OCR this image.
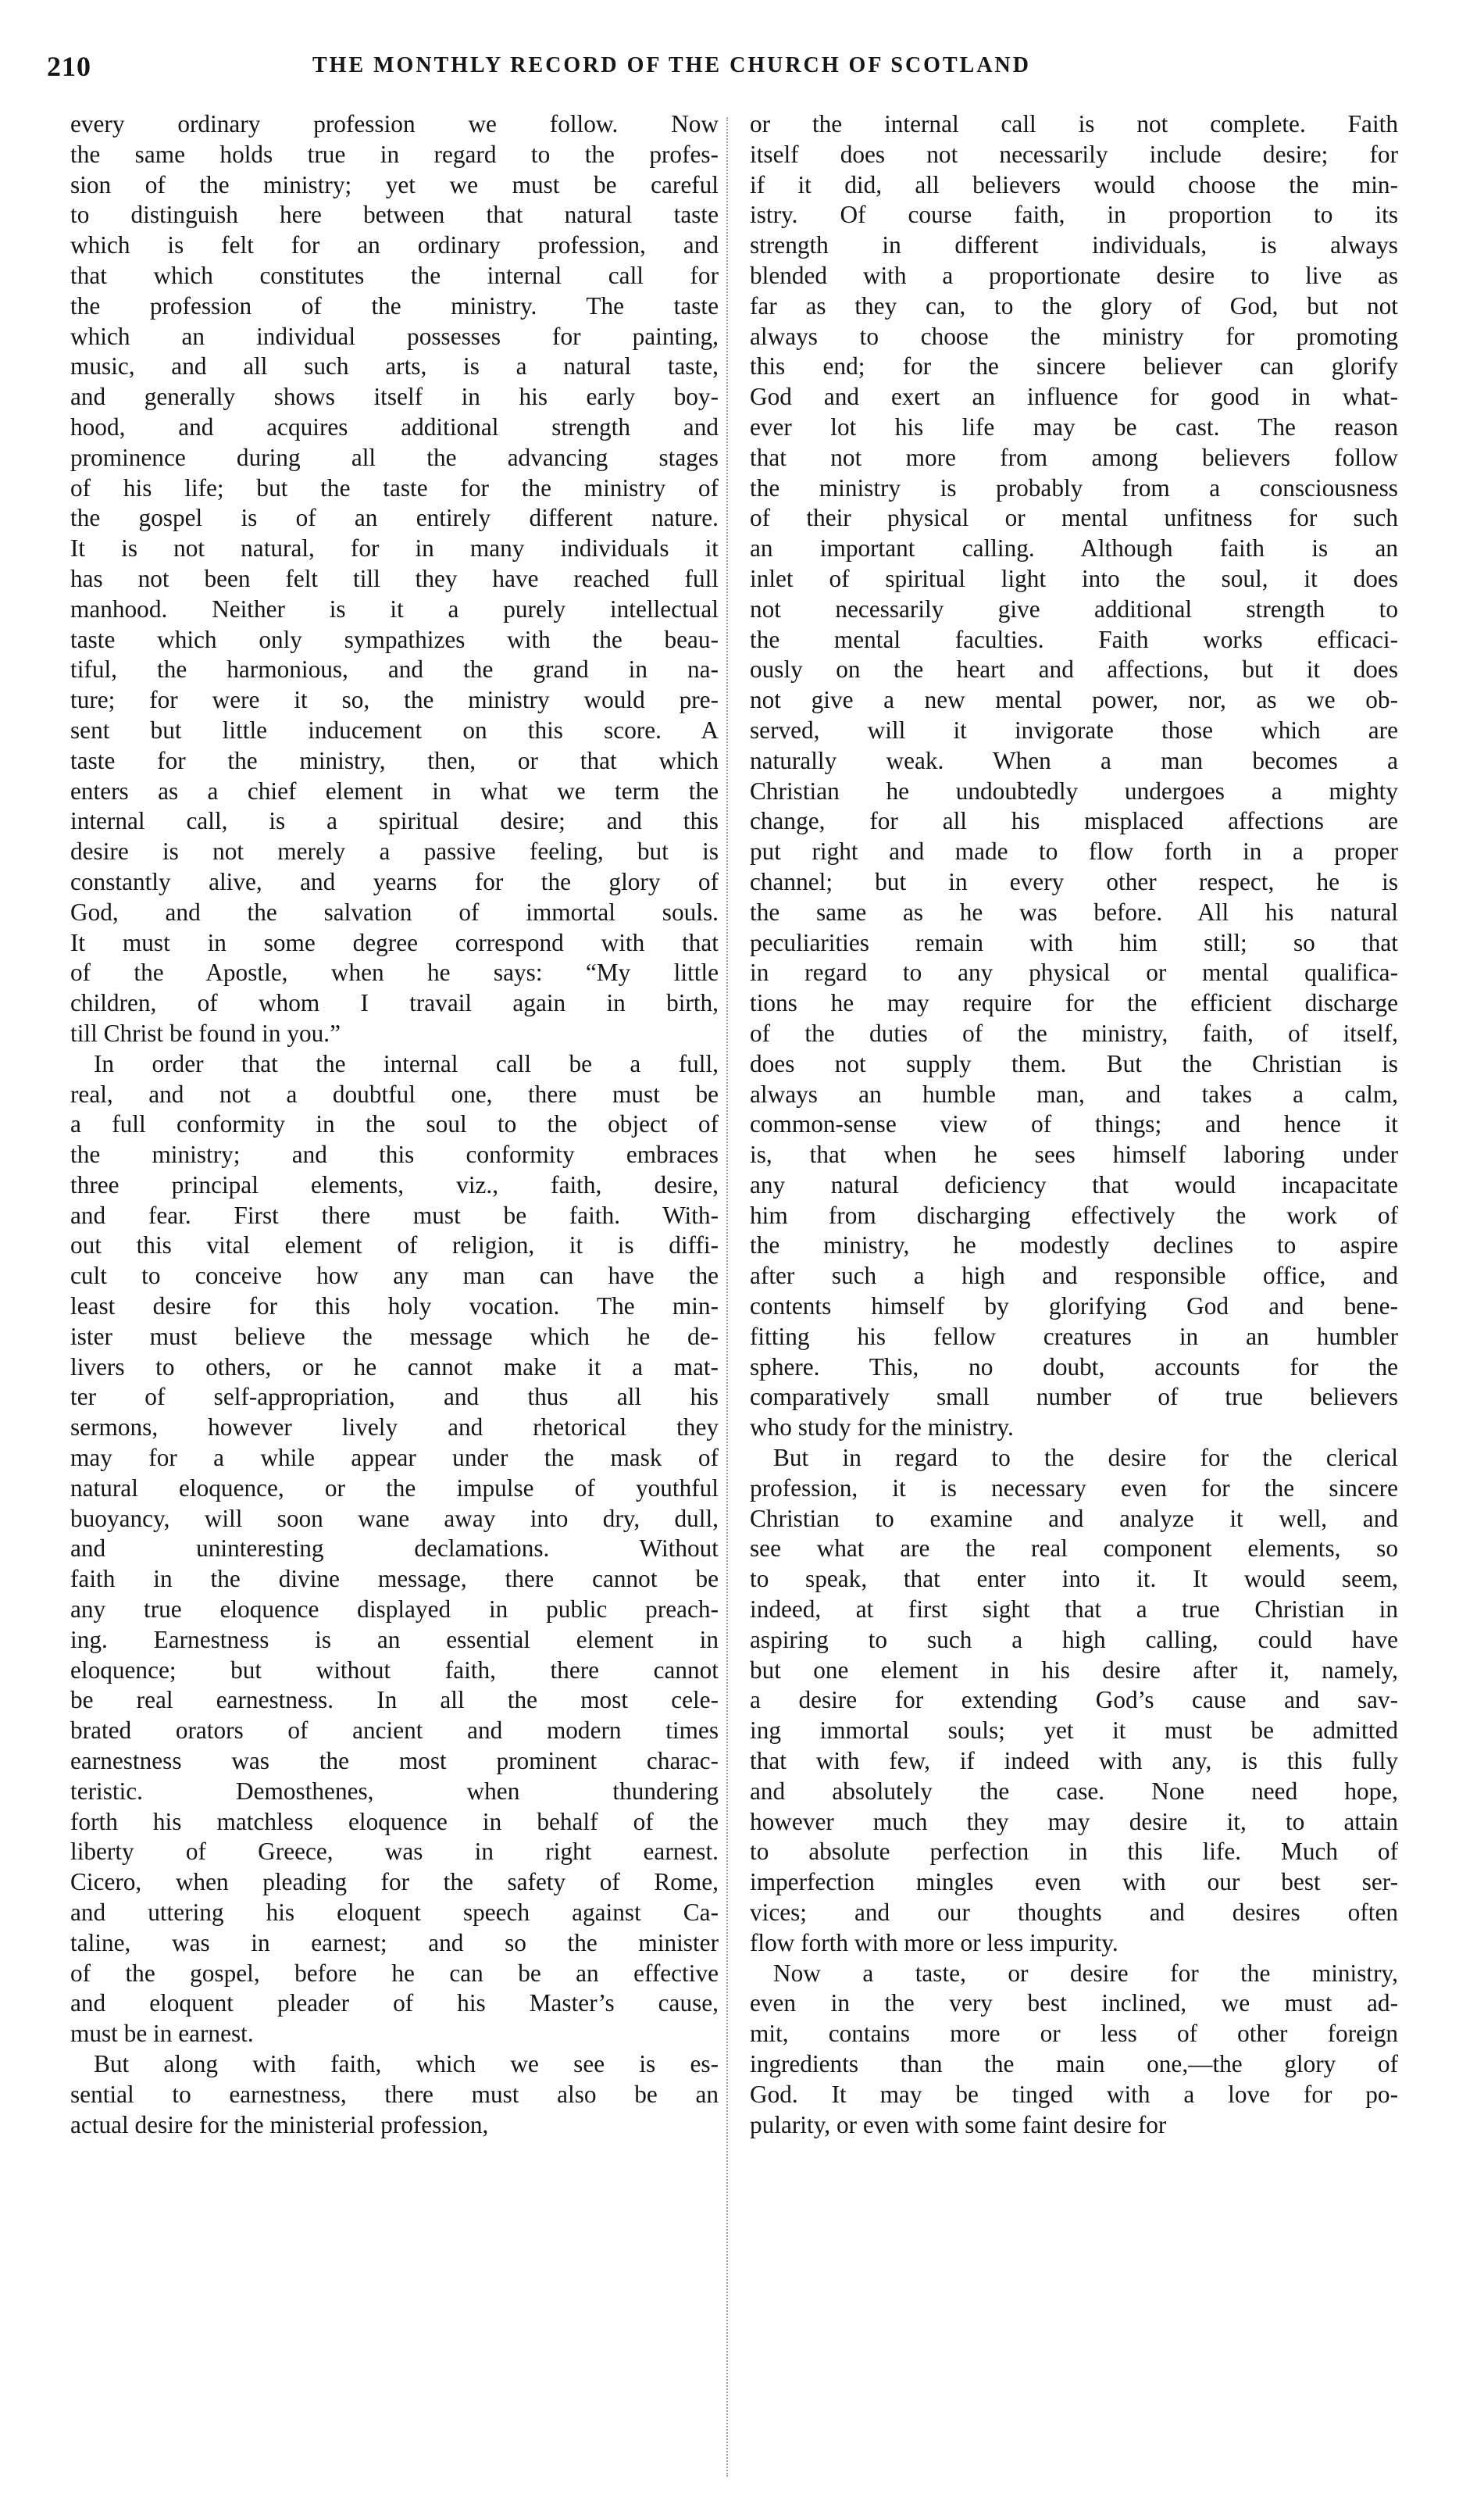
210	THE MONTHLY RECORD OF THE CHURCH OF SCOTLAND
every ordinary profession we follow. Now
the same holds true in regard to the profes-
sion of the ministry; yet we must be careful
to distinguish here between that natural taste
which is felt for an ordinary profession, and
that which constitutes the internal call for
the profession of the ministry. The taste
which an individual possesses for painting,
music, and all such arts, is a natural taste,
and generally shows itself in his early boy-
hood, and acquires additional strength and
prominence during all the advancing stages
of his life; but the taste for the ministry of
the gospel is of an entirely different nature.
It is not natural, for in many individuals it
has not been felt till they have reached full
manhood. Neither is it a purely intellectual
taste which only sympathizes with the beau-
tiful, the harmonious, and the grand in na-
ture; for were it so, the ministry would pre-
sent but little inducement on this score. A
taste for the ministry, then, or that which
enters as a chief element in what we term the
internal call, is a spiritual desire; and this
desire is not merely a passive feeling, but is
constantly alive, and yearns for the glory of
God, and the salvation of immortal souls.
It must in some degree correspond with that
of the Apostle, when he says: “My little
children, of whom I travail again in birth,
till Christ be found in you.”
In order that the internal call be a full,
real, and not a doubtful one, there must be
a full conformity in the soul to the object of
the ministry; and this conformity embraces
three principal elements, viz., faith, desire,
and fear. First there must be faith. With-
out this vital element of religion, it is diffi-
cult to conceive how any man can have the
least desire for this holy vocation. The min-
ister must believe the message which he de-
livers to others, or he cannot make it a mat-
ter of self-appropriation, and thus all his
sermons, however lively and rhetorical they
may for a while appear under the mask of
natural eloquence, or the impulse of youthful
buoyancy, will soon wane away into dry, dull,
and uninteresting declamations. Without
faith in the divine message, there cannot be
any true eloquence displayed in public preach-
ing. Earnestness is an essential element in
eloquence; but without faith, there cannot
be real earnestness. In all the most cele-
brated orators of ancient and modern times
earnestness was the most prominent charac-
teristic. Demosthenes, when thundering
forth his matchless eloquence in behalf of the
liberty of Greece, was in right earnest.
Cicero, when pleading for the safety of Rome,
and uttering his eloquent speech against Ca-
taline, was in earnest; and so the minister
of the gospel, before he can be an effective
and eloquent pleader of his Master’s cause,
must be in earnest.
But along with faith, which we see is es-
sential to earnestness, there must also be an
actual desire for the ministerial profession,
or the internal call is not complete. Faith
itself does not necessarily include desire; for
if it did, all believers would choose the min-
istry. Of course faith, in proportion to its
strength in different individuals, is always
blended with a proportionate desire to live as
far as they can, to the glory of God, but not
always to choose the ministry for promoting
this end; for the sincere believer can glorify
God and exert an influence for good in what-
ever lot his life may be cast. The reason
that not more from among believers follow
the ministry is probably from a consciousness
of their physical or mental unfitness for such
an important calling. Although faith is an
inlet of spiritual light into the soul, it does
not necessarily give additional strength to
the mental faculties. Faith works efficaci-
ously on the heart and affections, but it does
not give a new mental power, nor, as we ob-
served, will it invigorate those which are
naturally weak. When a man becomes a
Christian he undoubtedly undergoes a mighty
change, for all his misplaced affections are
put right and made to flow forth in a proper
channel; but in every other respect, he is
the same as he was before. All his natural
peculiarities remain with him still; so that
in regard to any physical or mental qualifica-
tions he may require for the efficient discharge
of the duties of the ministry, faith, of itself,
does not supply them. But the Christian is
always an humble man, and takes a calm,
common-sense view of things; and hence it
is, that when he sees himself laboring under
any natural deficiency that would incapacitate
him from discharging effectively the work of
the ministry, he modestly declines to aspire
after such a high and responsible office, and
contents himself by glorifying God and bene-
fitting his fellow creatures in an humbler
sphere. This, no doubt, accounts for the
comparatively small number of true believers
who study for the ministry.
But in regard to the desire for the clerical
profession, it is necessary even for the sincere
Christian to examine and analyze it well, and
see what are the real component elements, so
to speak, that enter into it. It would seem,
indeed, at first sight that a true Christian in
aspiring to such a high calling, could have
but one element in his desire after it, namely,
a desire for extending God’s cause and sav-
ing immortal souls; yet it must be admitted
that with few, if indeed with any, is this fully
and absolutely the case. None need hope,
however much they may desire it, to attain
to absolute perfection in this life. Much of
imperfection mingles even with our best ser-
vices; and our thoughts and desires often
flow forth with more or less impurity.
Now a taste, or desire for the ministry,
even in the very best inclined, we must ad-
mit, contains more or less of other foreign
ingredients than the main one,—the glory of
God. It may be tinged with a love for po-
pularity, or even with some faint desire for
